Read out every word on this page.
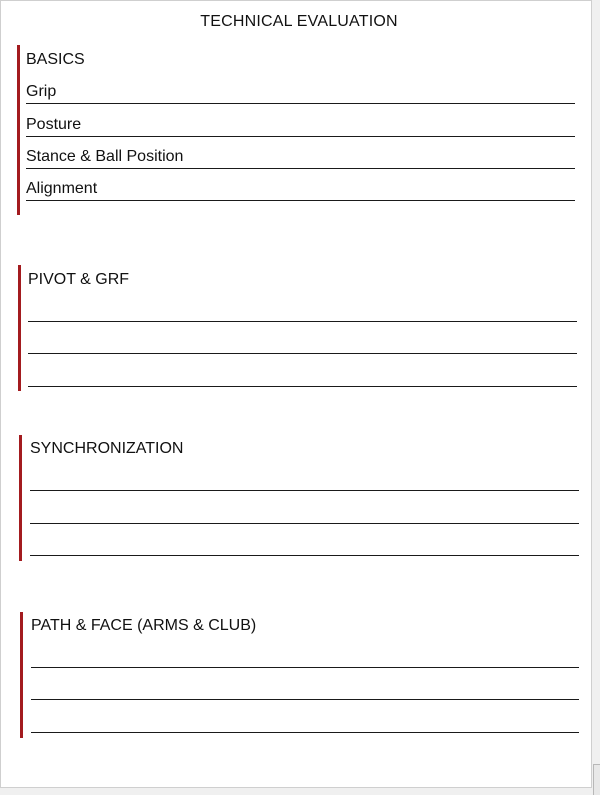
TECHNICAL EVALUATION
BASICS
Grip
Posture
Stance & Ball Position
Alignment
PIVOT & GRF
SYNCHRONIZATION
PATH & FACE (ARMS & CLUB)
